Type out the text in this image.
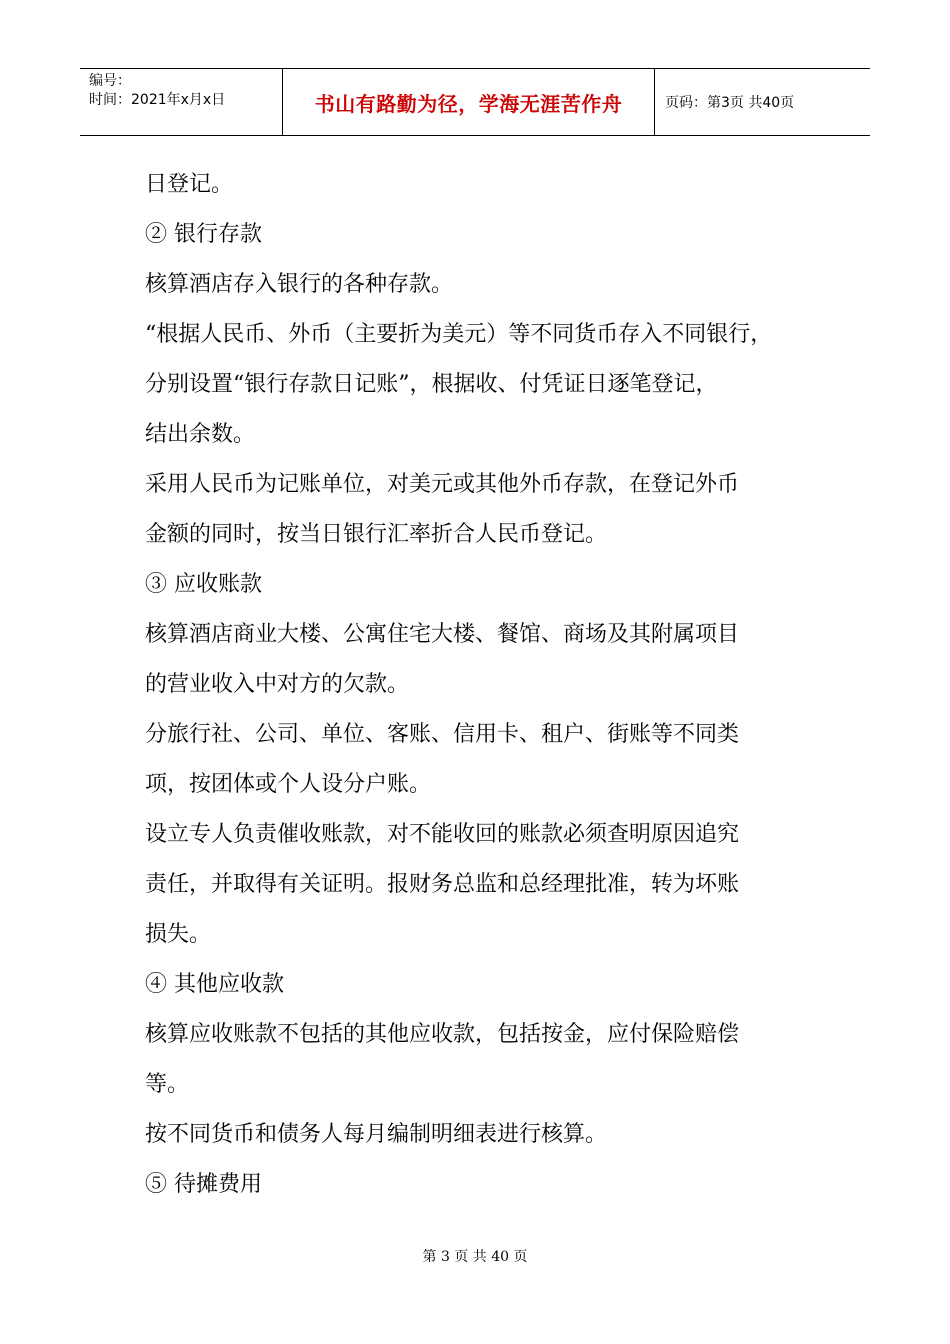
编号：
时间：2021年x月x日	书山有路勤为径，学海无涯苦作舟	页码：第3页 共40页

日登记。

② 银行存款

核算酒店存入银行的各种存款。

“根据人民币、外币（主要折为美元）等不同货币存入不同银行，

分别设置“银行存款日记账”，根据收、付凭证日逐笔登记，

结出余数。

采用人民币为记账单位，对美元或其他外币存款，在登记外币

金额的同时，按当日银行汇率折合人民币登记。

③ 应收账款

核算酒店商业大楼、公寓住宅大楼、餐馆、商场及其附属项目

的营业收入中对方的欠款。

分旅行社、公司、单位、客账、信用卡、租户、街账等不同类

项，按团体或个人设分户账。

设立专人负责催收账款，对不能收回的账款必须查明原因追究

责任，并取得有关证明。报财务总监和总经理批准，转为坏账

损失。

④ 其他应收款

核算应收账款不包括的其他应收款，包括按金，应付保险赔偿

等。

按不同货币和债务人每月编制明细表进行核算。

⑤ 待摊费用

第 3 页 共 40 页
